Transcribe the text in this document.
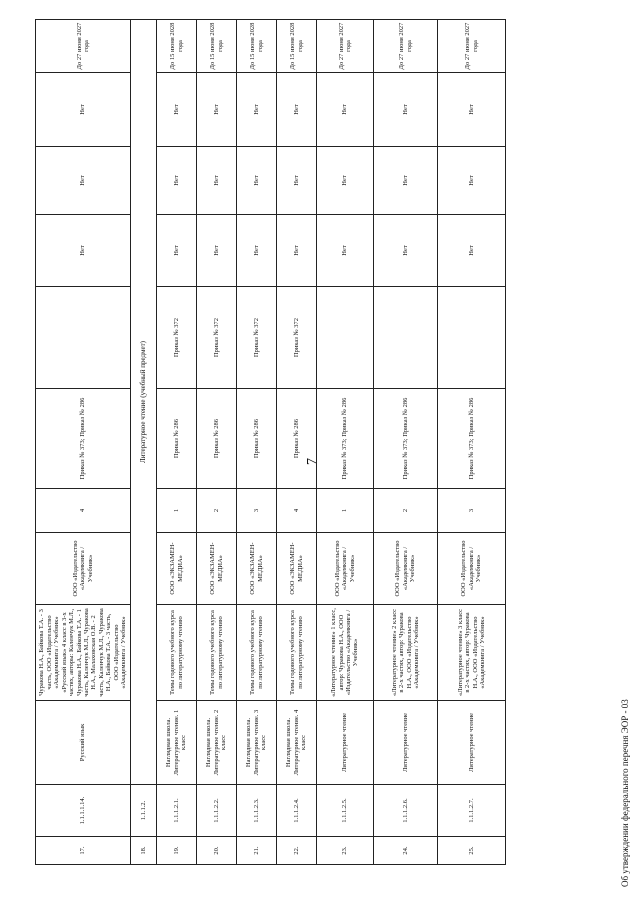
7
17.	1.1.1.1.14.	Русский язык	Чуракова Н.А., Байкова Т.А. - 3 часть, ООО «Издательство «Академкнига / Учебник» «Русский язык» 4 класс в 3-х частях, авторы: Каленчук М.Л., Чуракова Н.А., Байкова Т.А. - 1 часть, Каленчук М.Л., Чуракова Н.А., Малаховская О.В. - 2 часть, Каленчук М.Л., Чуракова Н.А., Байкова Т.А. - 3 часть, ООО «Издательство «Академкнига / Учебник»	ООО «Издательство «Академкнига / Учебник»	4	Приказ № 373; Приказ № 286		Нет	Нет	Нет	До 27 июня 2027 года
18.	1.1.1.2.	Литературное чтение (учебный предмет)									
19.	1.1.1.2.1.	Наглядная школа. Литературное чтение. 1 класс	Темы годового учебного курса по литературному чтению	ООО «ЭКЗАМЕН-МЕДИА»	1	Приказ № 286	Приказ № 372	Нет	Нет	Нет	До 15 июня 2028 года
20.	1.1.1.2.2.	Наглядная школа. Литературное чтение. 2 класс	Темы годового учебного курса по литературному чтению	ООО «ЭКЗАМЕН-МЕДИА»	2	Приказ № 286	Приказ № 372	Нет	Нет	Нет	До 15 июня 2028 года
21.	1.1.1.2.3.	Наглядная школа. Литературное чтение. 3 класс	Темы годового учебного курса по литературному чтению	ООО «ЭКЗАМЕН-МЕДИА»	3	Приказ № 286	Приказ № 372	Нет	Нет	Нет	До 15 июня 2028 года
22.	1.1.1.2.4.	Наглядная школа. Литературное чтение. 4 класс	Темы годового учебного курса по литературному чтению	ООО «ЭКЗАМЕН-МЕДИА»	4	Приказ № 286	Приказ № 372	Нет	Нет	Нет	До 15 июня 2028 года
23.	1.1.1.2.5.	Литературное чтение	«Литературное чтение» 1 класс, автор: Чуракова Н.А., ООО «Издательство «Академкнига / Учебник»	ООО «Издательство «Академкнига / Учебник»	1	Приказ № 373; Приказ № 286		Нет	Нет	Нет	До 27 июня 2027 года
24.	1.1.1.2.6.	Литературное чтение	«Литературное чтение» 2 класс в 2-х частях, автор: Чуракова Н.А., ООО «Издательство «Академкнига / Учебник»	ООО «Издательство «Академкнига / Учебник»	2	Приказ № 373; Приказ № 286		Нет	Нет	Нет	До 27 июня 2027 года
25.	1.1.1.2.7.	Литературное чтение	«Литературное чтение» 3 класс в 2-х частях, автор: Чуракова Н.А., ООО «Издательство «Академкнига / Учебник»	ООО «Издательство «Академкнига / Учебник»	3	Приказ № 373; Приказ № 286		Нет	Нет	Нет	До 27 июня 2027 года
Об утверждении федерального перечня ЭОР - 03
